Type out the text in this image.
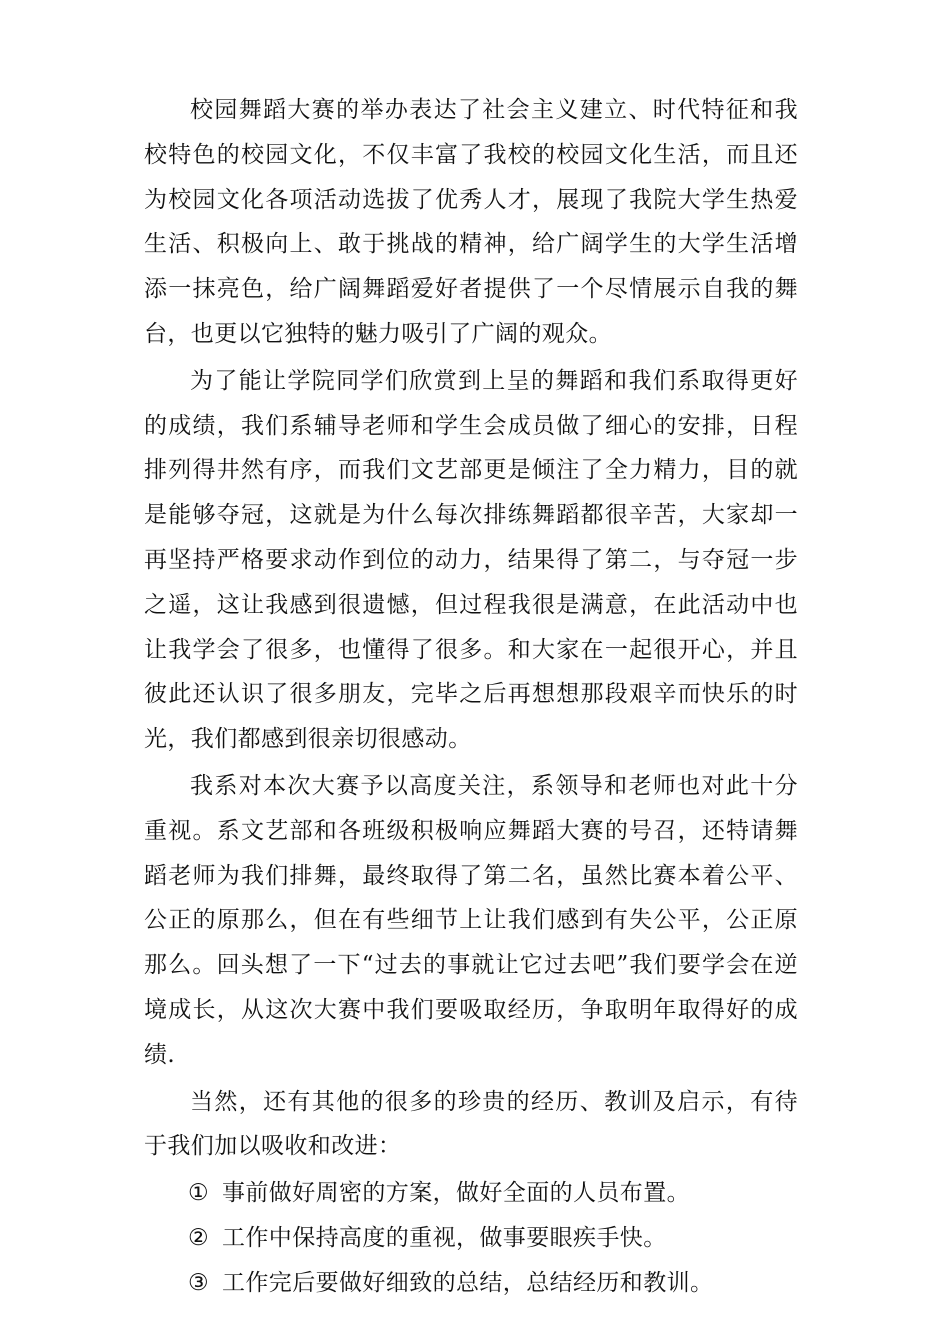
校园舞蹈大赛的举办表达了社会主义建立、时代特征和我校特色的校园文化，不仅丰富了我校的校园文化生活，而且还为校园文化各项活动选拔了优秀人才，展现了我院大学生热爱生活、积极向上、敢于挑战的精神，给广阔学生的大学生活增添一抹亮色，给广阔舞蹈爱好者提供了一个尽情展示自我的舞台，也更以它独特的魅力吸引了广阔的观众。

为了能让学院同学们欣赏到上呈的舞蹈和我们系取得更好的成绩，我们系辅导老师和学生会成员做了细心的安排，日程排列得井然有序，而我们文艺部更是倾注了全力精力，目的就是能够夺冠，这就是为什么每次排练舞蹈都很辛苦，大家却一再坚持严格要求动作到位的动力，结果得了第二，与夺冠一步之遥，这让我感到很遗憾，但过程我很是满意，在此活动中也让我学会了很多，也懂得了很多。和大家在一起很开心，并且彼此还认识了很多朋友，完毕之后再想想那段艰辛而快乐的时光，我们都感到很亲切很感动。

我系对本次大赛予以高度关注，系领导和老师也对此十分重视。系文艺部和各班级积极响应舞蹈大赛的号召，还特请舞蹈老师为我们排舞，最终取得了第二名，虽然比赛本着公平、公正的原那么，但在有些细节上让我们感到有失公平，公正原那么。回头想了一下“过去的事就让它过去吧”我们要学会在逆境成长，从这次大赛中我们要吸取经历，争取明年取得好的成绩.

当然，还有其他的很多的珍贵的经历、教训及启示，有待于我们加以吸收和改进：

① 事前做好周密的方案，做好全面的人员布置。
② 工作中保持高度的重视，做事要眼疾手快。
③ 工作完后要做好细致的总结，总结经历和教训。
